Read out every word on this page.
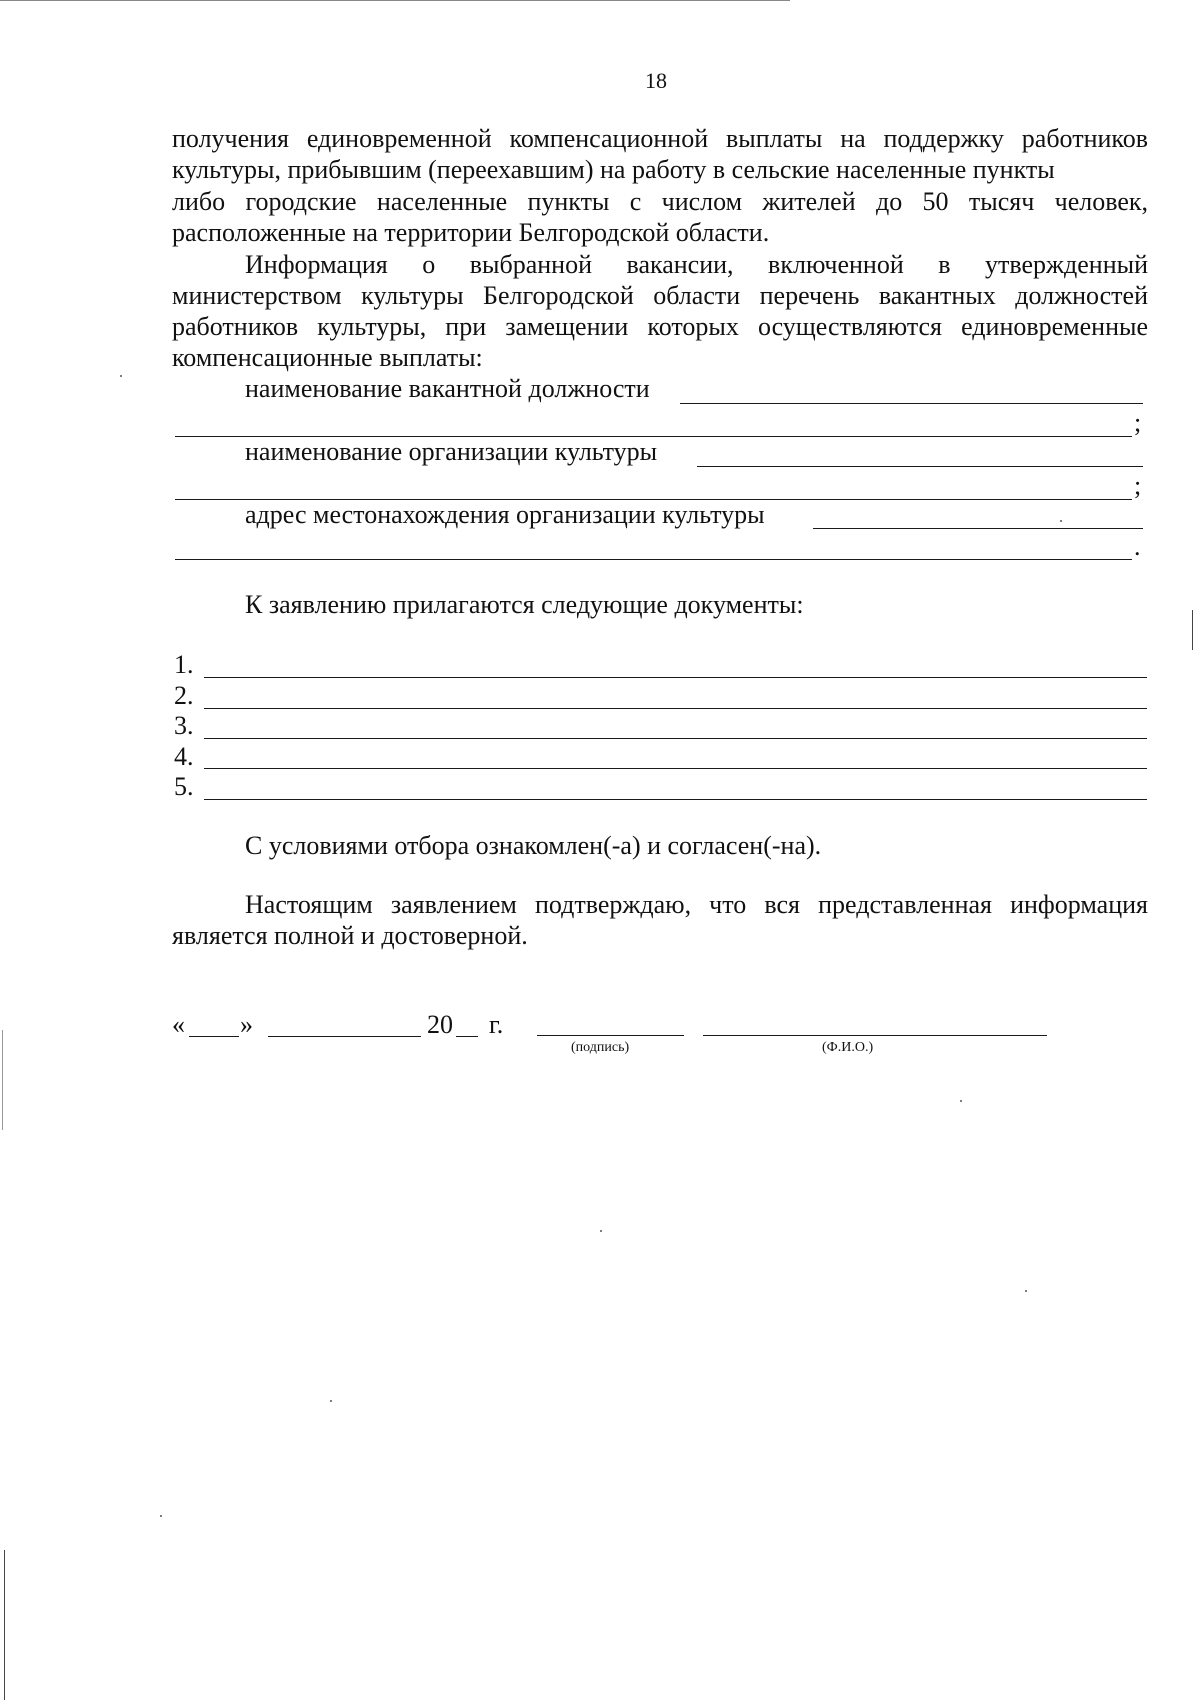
18
получения единовременной компенсационной выплаты на поддержку работников
культуры, прибывшим (переехавшим) на работу в сельские населенные пункты
либо городские населенные пункты с числом жителей до 50 тысяч человек,
расположенные на территории Белгородской области.
Информация о выбранной вакансии, включенной в утвержденный
министерством культуры Белгородской области перечень вакантных должностей
работников культуры, при замещении которых осуществляются единовременные
компенсационные выплаты:
наименование вакантной должности
;
наименование организации культуры
;
адрес местонахождения организации культуры
.
К заявлению прилагаются следующие документы:
1.
2.
3.
4.
5.
С условиями отбора ознакомлен(-а) и согласен(-на).
Настоящим заявлением подтверждаю, что вся представленная информация
является полной и достоверной.
« »	20 г.
(подпись)	(Ф.И.О.)
